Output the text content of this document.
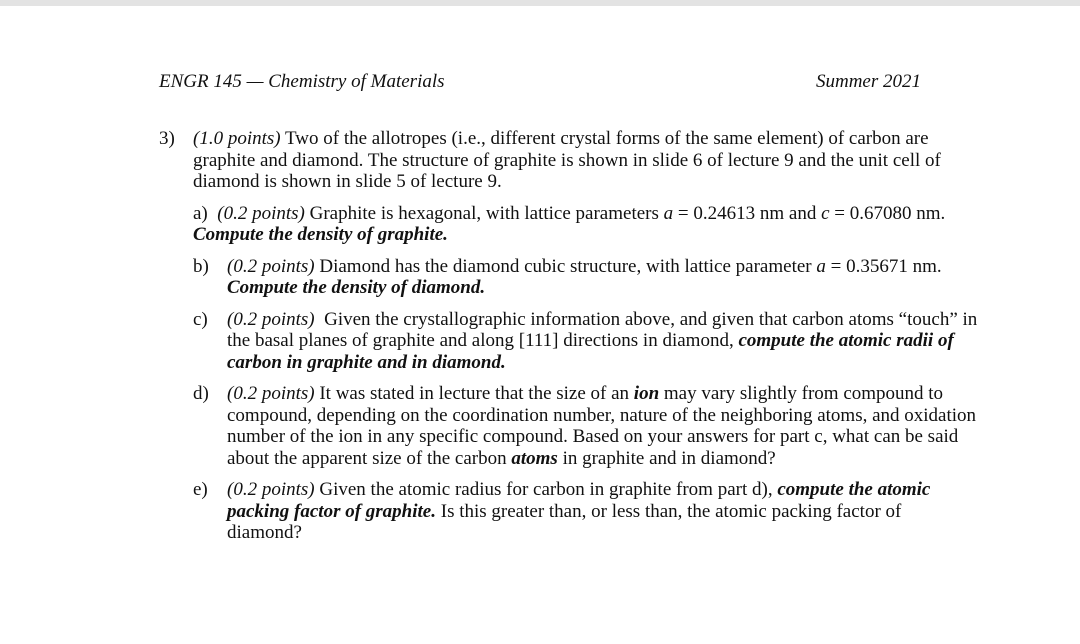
ENGR 145 — Chemistry of Materials	Summer 2021
3) (1.0 points) Two of the allotropes (i.e., different crystal forms of the same element) of carbon are graphite and diamond. The structure of graphite is shown in slide 6 of lecture 9 and the unit cell of diamond is shown in slide 5 of lecture 9.
a) (0.2 points) Graphite is hexagonal, with lattice parameters a = 0.24613 nm and c = 0.67080 nm. Compute the density of graphite.
b) (0.2 points) Diamond has the diamond cubic structure, with lattice parameter a = 0.35671 nm. Compute the density of diamond.
c) (0.2 points)  Given the crystallographic information above, and given that carbon atoms “touch” in the basal planes of graphite and along [111] directions in diamond, compute the atomic radii of carbon in graphite and in diamond.
d) (0.2 points) It was stated in lecture that the size of an ion may vary slightly from compound to compound, depending on the coordination number, nature of the neighboring atoms, and oxidation number of the ion in any specific compound. Based on your answers for part c, what can be said about the apparent size of the carbon atoms in graphite and in diamond?
e) (0.2 points) Given the atomic radius for carbon in graphite from part d), compute the atomic packing factor of graphite. Is this greater than, or less than, the atomic packing factor of diamond?
